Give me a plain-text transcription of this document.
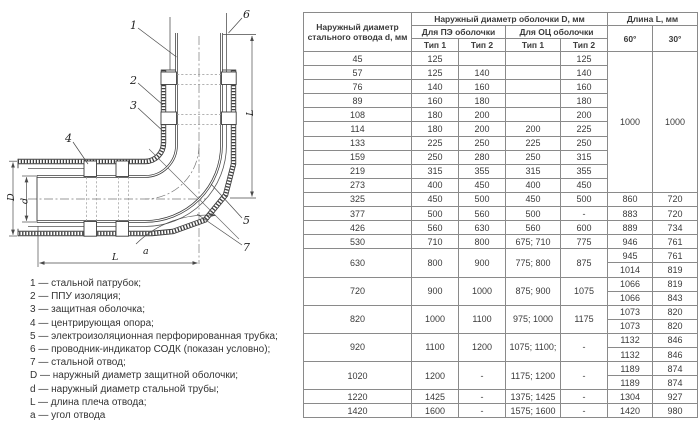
D d
L
L
a
1
2
3
4
5
6
7
1 — стальной патрубок;
2 — ППУ изоляция;
3 — защитная оболочка;
4 — центрирующая опора;
5 — электроизоляционная перфорированная трубка;
6 — проводник-индикатор СОДК (показан условно);
7 — стальной отвод;
D — наружный диаметр защитной оболочки;
d — наружный диаметр стальной трубы;
L — длина плеча отвода;
a — угол отвода
Наружный диаметр стального отвода d, мм	Наружный диаметр оболочки D, мм				Длина L, мм	
	Для ПЭ оболочки		Для ОЦ оболочки		60°	30°
	Тип 1	Тип 2	Тип 1	Тип 2		
45	125			125	1000	1000
57	125	140		140		
76	140	160		160		
89	160	180		180		
108	180	200		200		
114	180	200	200	225		
133	225	250	225	250		
159	250	280	250	315		
219	315	355	315	355		
273	400	450	400	450		
325	450	500	450	500	860	720
377	500	560	500	-	883	720
426	560	630	560	600	889	734
530	710	800	675; 710	775	946	761
630	800	900	775; 800	875	945	761
					1014	819
720	900	1000	875; 900	1075	1066	819
					1066	843
820	1000	1100	975; 1000	1175	1073	820
					1073	820
920	1100	1200	1075; 1100;	-	1132	846
					1132	846
1020	1200	-	1175; 1200	-	1189	874
					1189	874
1220	1425	-	1375; 1425	-	1304	927
1420	1600	-	1575; 1600	-	1420	980
